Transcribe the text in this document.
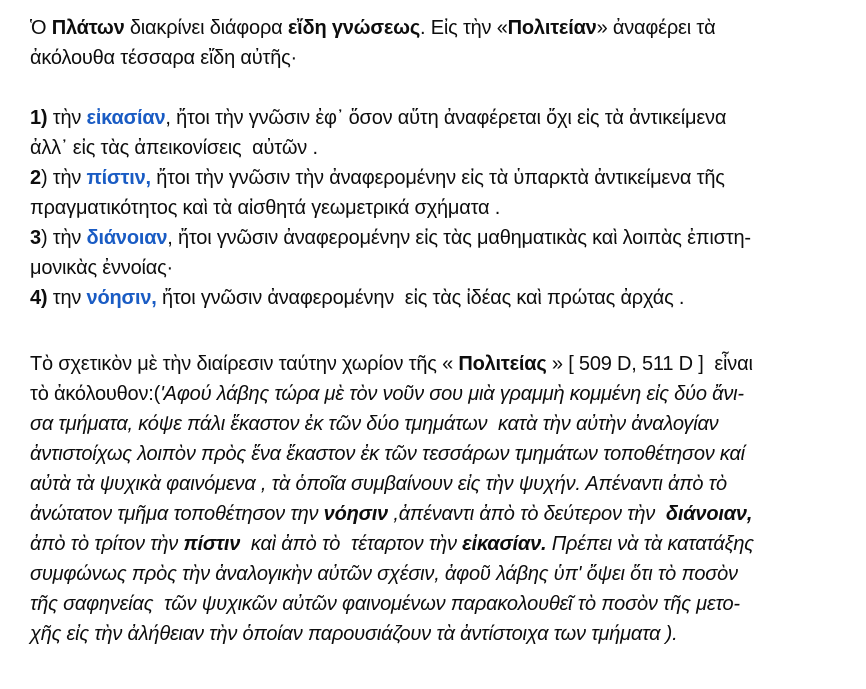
Ὁ Πλάτων διακρίνει διάφορα εἴδη γνώσεως. Εἰς τὴν «Πολιτείαν» ἀναφέρει τὰ
ἀκόλουθα τέσσαρα εἴδη αὐτῆς·
1) τὴν εἰκασίαν, ἤτοι τὴν γνῶσιν ἐφ᾽ ὅσον αὕτη ἀναφέρεται ὄχι εἰς τὰ ἀντικείμενα
ἀλλ᾽ εἰς τὰς ἀπεικονίσεις  αὐτῶν .
2) τὴν πίστιν, ἤτοι τὴν γνῶσιν τὴν ἀναφερομένην εἰς τὰ ὑπαρκτὰ ἀντικείμενα τῆς
πραγματικότητος καὶ τὰ αἰσθητά γεωμετρικά σχήματα .
3) τὴν διάνοιαν, ἤτοι γνῶσιν ἀναφερομένην εἰς τὰς μαθηματικὰς καὶ λοιπὰς ἐπιστη-
μονικὰς ἐννοίας·
4) την νόησιν, ἤτοι γνῶσιν ἀναφερομένην  εἰς τὰς ἰδέας καὶ πρώτας ἀρχάς .
Τὸ σχετικὸν μὲ τὴν διαίρεσιν ταύτην χωρίον τῆς « Πολιτείας » [ 509 D, 511 D ]  εἶναι
τὸ ἀκόλουθον:('Αφού λάβης τώρα μὲ τὸν νοῦν σου μιὰ γραμμὴ κομμένη εἰς δύο ἄνι-
σα τμήματα, κόψε πάλι ἕκαστον ἐκ τῶν δύο τμημάτων  κατὰ τὴν αὐτὴν ἀναλογίαν
ἀντιστοίχως λοιπὸν πρὸς ἕνα ἕκαστον ἐκ τῶν τεσσάρων τμημάτων τοποθέτησον καί
αὐτὰ τὰ ψυχικὰ φαινόμενα , τὰ ὁποῖα συμβαίνουν εἰς τὴν ψυχήν. Απέναντι ἀπὸ τὸ
ἀνώτατον τμῆμα τοποθέτησον την νόησιν ,ἀπέναντι ἀπὸ τὸ δεύτερον τὴν  διάνοιαν,
ἀπὸ τὸ τρίτον τὴν πίστιν  καὶ ἀπὸ τὸ  τέταρτον τὴν εἰκασίαν. Πρέπει νὰ τὰ κατατάξης
συμφώνως πρὸς τὴν ἀναλογικὴν αὐτῶν σχέσιν, ἀφοῦ λάβης ὑπ' ὄψει ὅτι τὸ ποσὸν
τῆς σαφηνείας  τῶν ψυχικῶν αὐτῶν φαινομένων παρακολουθεῖ τὸ ποσὸν τῆς μετο-
χῆς εἰς τὴν ἀλήθειαν τὴν ὁποίαν παρουσιάζουν τὰ ἀντίστοιχα των τμήματα ).
